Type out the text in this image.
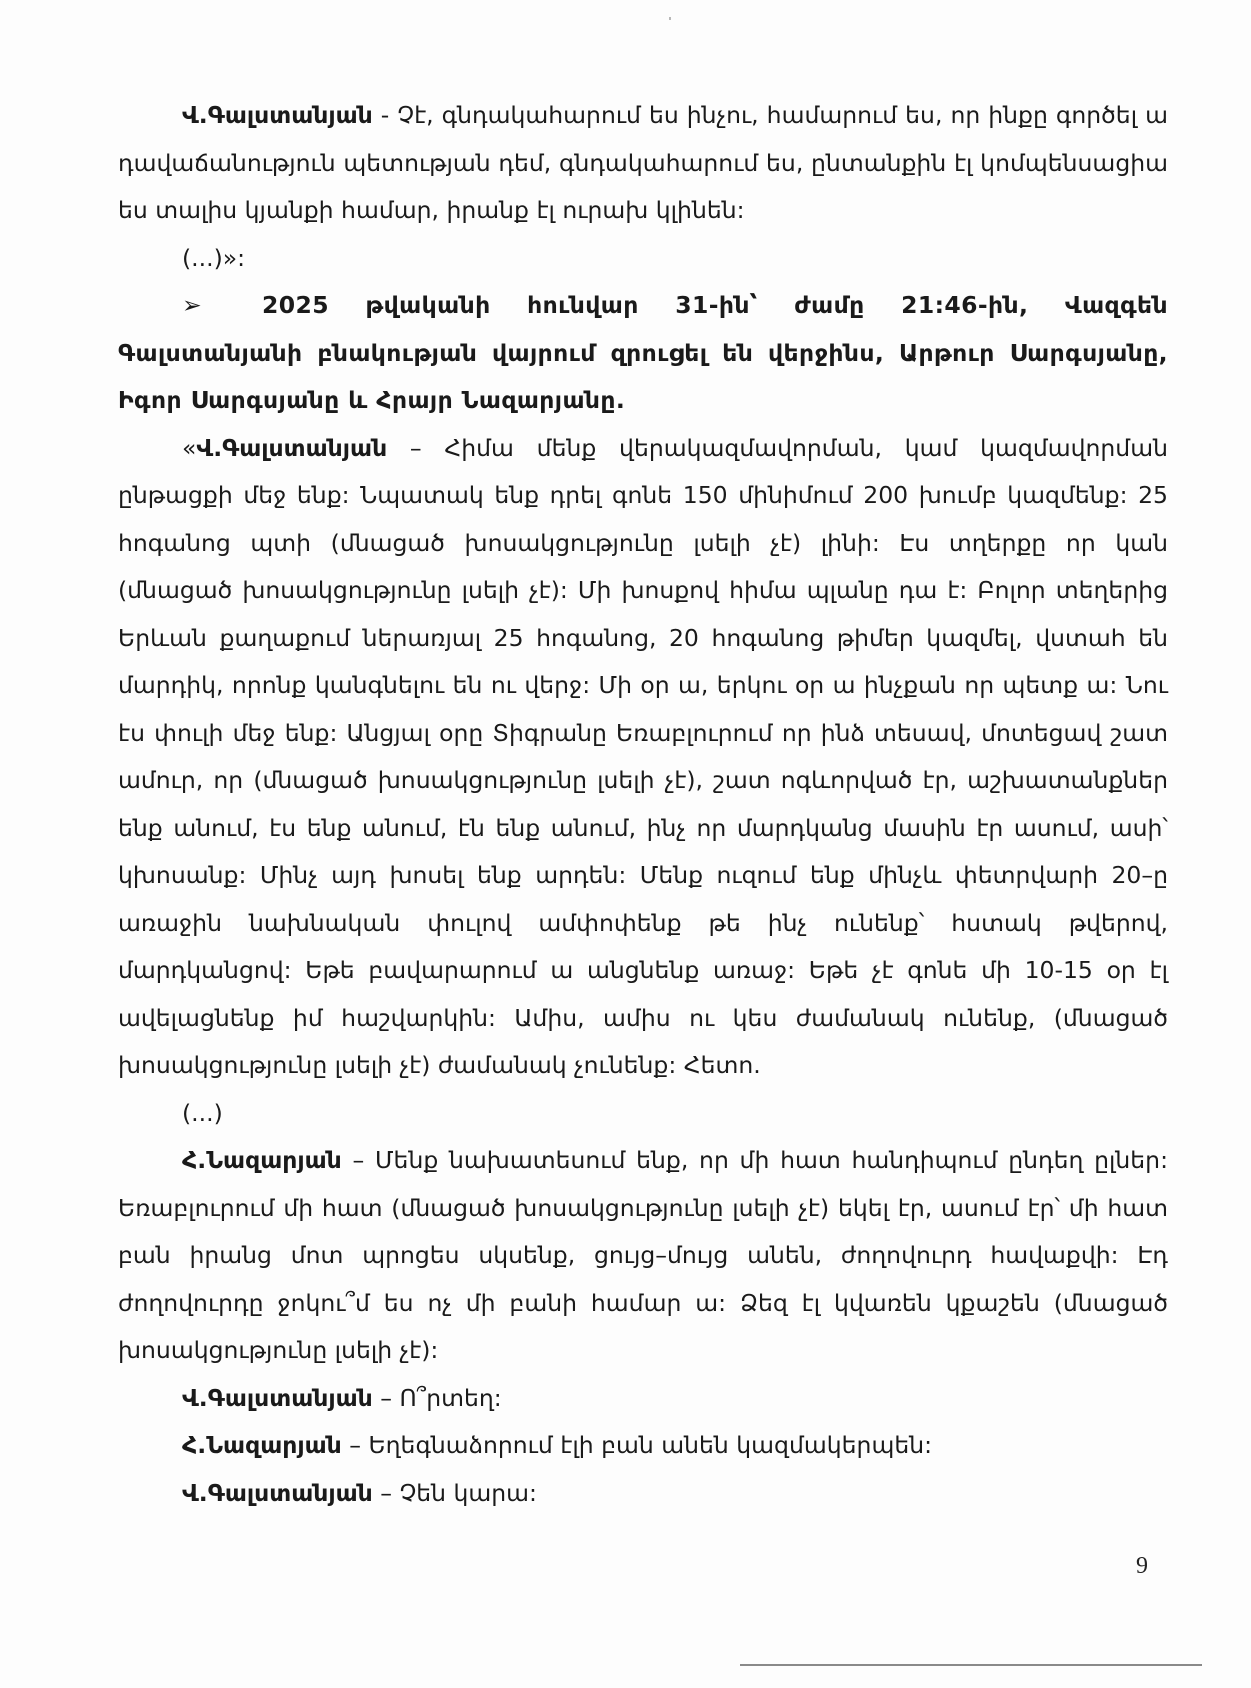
Վ.Գալստանյան - Չէ, գնդակահարում ես ինչու, համարում ես, որ ինքը գործել ա դավաճանություն պետության դեմ, գնդակահարում ես, ընտանքին էլ կոմպենսացիա ես տալիս կյանքի համար, իրանք էլ ուրախ կլինեն:

(...)»:

➢	2025 թվականի հունվար 31-ին՝ ժամը 21:46-ին, Վազգեն Գալստանյանի բնակության վայրում զրուցել են վերջինս, Արթուր Սարգսյանը, Իգոր Սարգսյանը և Հրայր Նազարյանը.

«Վ.Գալստանյան – Հիմա մենք վերակազմավորման, կամ կազմավորման ընթացքի մեջ ենք: Նպատակ ենք դրել գոնե 150 մինիմում 200 խումբ կազմենք: 25 հոգանոց պտի (մնացած խոսակցությունը լսելի չէ) լինի: Էս տղերքը որ կան (մնացած խոսակցությունը լսելի չէ): Մի խոսքով հիմա պլանը դա է: Բոլոր տեղերից Երևան քաղաքում ներառյալ 25 հոգանոց, 20 հոգանոց թիմեր կազմել, վստահ են մարդիկ, որոնք կանգնելու են ու վերջ: Մի օր ա, երկու օր ա ինչքան որ պետք ա: Նու էս փուլի մեջ ենք: Անցյալ օրը Տիգրանը Եռաբլուրում որ ինձ տեսավ, մոտեցավ շատ ամուր, որ (մնացած խոսակցությունը լսելի չէ), շատ ոգևորված էր, աշխատանքներ ենք անում, էս ենք անում, էն ենք անում, ինչ որ մարդկանց մասին էր ասում, ասի՝ կխոսանք: Մինչ այդ խոսել ենք արդեն: Մենք ուզում ենք մինչև փետրվարի 20–ը առաջին նախնական փուլով ամփոփենք թե ինչ ունենք՝ հստակ թվերով, մարդկանցով: Եթե բավարարում ա անցնենք առաջ: Եթե չէ գոնե մի 10-15 օր էլ ավելացնենք իմ հաշվարկին: Ամիս, ամիս ու կես ժամանակ ունենք, (մնացած խոսակցությունը լսելի չէ) ժամանակ չունենք: Հետո.

(...)

Հ.Նազարյան – Մենք նախատեսում ենք, որ մի հատ հանդիպում ընդեղ ըլներ: Եռաբլուրում մի հատ (մնացած խոսակցությունը լսելի չէ) եկել էր, ասում էր՝ մի հատ բան իրանց մոտ պրոցես սկսենք, ցույց–մույց անեն, ժողովուրդ հավաքվի: Էդ ժողովուրդը ջոկու՞մ ես ոչ մի բանի համար ա: Ձեզ էլ կվառեն կքաշեն (մնացած խոսակցությունը լսելի չէ):

Վ.Գալստանյան – Ո՞րտեղ:

Հ.Նազարյան – Եղեգնաձորում էլի բան անեն կազմակերպեն:

Վ.Գալստանյան – Չեն կարա:

9
